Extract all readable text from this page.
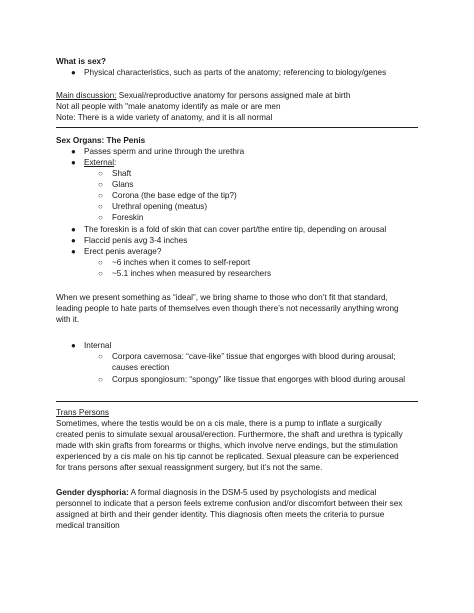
What is sex?
● Physical characteristics, such as parts of the anatomy; referencing to biology/genes
Main discussion: Sexual/reproductive anatomy for persons assigned male at birth
Not all people with "male anatomy identify as male or are men
Note: There is a wide variety of anatomy, and it is all normal
Sex Organs: The Penis
● Passes sperm and urine through the urethra
● External:
○ Shaft
○ Glans
○ Corona (the base edge of the tip?)
○ Urethral opening (meatus)
○ Foreskin
● The foreskin is a fold of skin that can cover part/the entire tip, depending on arousal
● Flaccid penis avg 3-4 inches
● Erect penis average?
○ ~6 inches when it comes to self-report
○ ~5.1 inches when measured by researchers
When we present something as “ideal”, we bring shame to those who don’t fit that standard,
leading people to hate parts of themselves even though there’s not necessarily anything wrong
with it.
● Internal
○ Corpora cavernosa: “cave-like” tissue that engorges with blood during arousal;
causes erection
○ Corpus spongiosum: “spongy” like tissue that engorges with blood during arousal
Trans Persons
Sometimes, where the testis would be on a cis male, there is a pump to inflate a surgically
created penis to simulate sexual arousal/erection. Furthermore, the shaft and urethra is typically
made with skin grafts from forearms or thighs, which involve nerve endings, but the stimulation
experienced by a cis male on his tip cannot be replicated. Sexual pleasure can be experienced
for trans persons after sexual reassignment surgery, but it’s not the same.
Gender dysphoria: A formal diagnosis in the DSM-5 used by psychologists and medical
personnel to indicate that a person feels extreme confusion and/or discomfort between their sex
assigned at birth and their gender identity. This diagnosis often meets the criteria to pursue
medical transition
